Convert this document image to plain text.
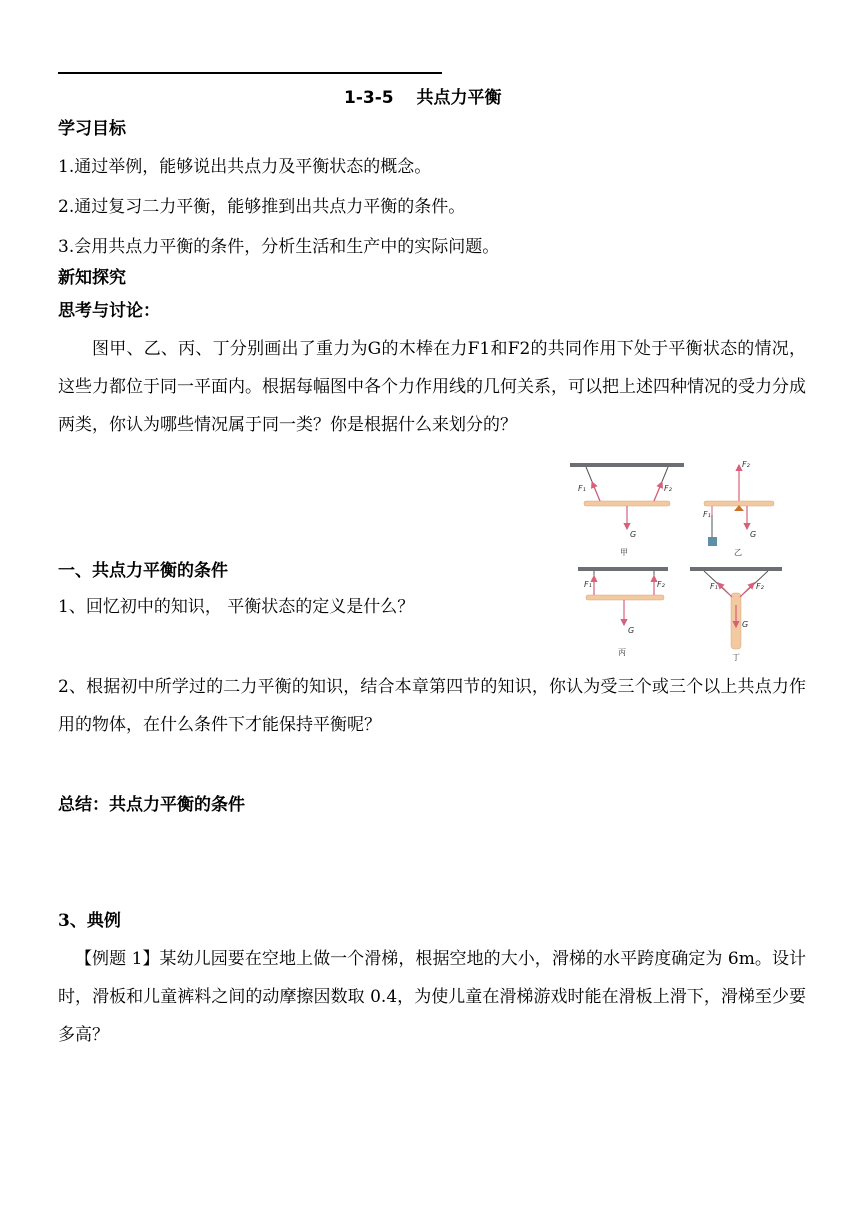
1-3-5　 共点力平衡
学习目标
1.通过举例，能够说出共点力及平衡状态的概念。
2.通过复习二力平衡，能够推到出共点力平衡的条件。
3.会用共点力平衡的条件，分析生活和生产中的实际问题。
新知探究
思考与讨论：
图甲、乙、丙、丁分别画出了重力为G的木棒在力F1和F2的共同作用下处于平衡状态的情况，这些力都位于同一平面内。根据每幅图中各个力作用线的几何关系，可以把上述四种情况的受力分成两类，你认为哪些情况属于同一类？你是根据什么来划分的？
F₁	F₂
G
甲
F₂
F₁
G
乙
F₁	F₂
G
丙
F₁	F₂
G
丁
一、共点力平衡的条件
1、回忆初中的知识， 平衡状态的定义是什么？
2、根据初中所学过的二力平衡的知识，结合本章第四节的知识，你认为受三个或三个以上共点力作用的物体，在什么条件下才能保持平衡呢？
总结：共点力平衡的条件
3、典例
【例题 1】某幼儿园要在空地上做一个滑梯，根据空地的大小，滑梯的水平跨度确定为 6m。设计时，滑板和儿童裤料之间的动摩擦因数取 0.4，为使儿童在滑梯游戏时能在滑板上滑下，滑梯至少要多高？
